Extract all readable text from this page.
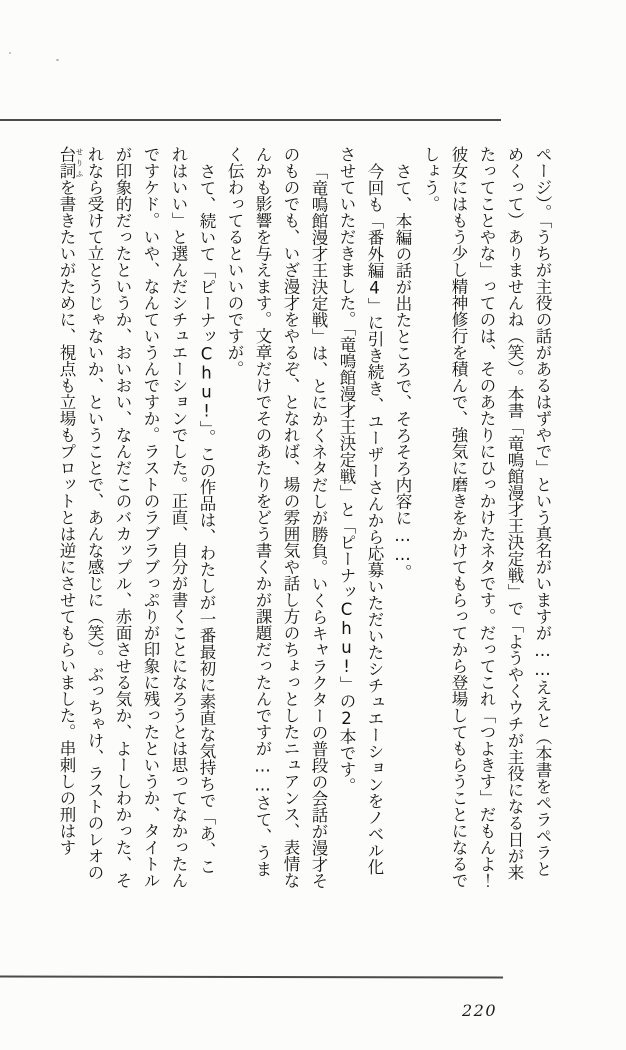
ページ）。「うちが主役の話があるはずやで」という真名がいますが……ええと（本書をペラペラとめくって）ありませんね（笑）。本書「竜鳴館漫才王決定戦」で「ようやくウチが主役になる日が来たってことやな」ってのは、そのあたりにひっかけたネタです。だってこれ「つよきす」だもんよ！彼女にはもう少し精神修行を積んで、強気に磨きをかけてもらってから登場してもらうことになるでしょう。

さて、本編の話が出たところで、そろそろ内容に……。

今回も「番外編4」に引き続き、ユーザーさんから応募いただいたシチュエーションをノベル化させていただきました。「竜鳴館漫才王決定戦」と「ピーナッChu!」の2本です。

「竜鳴館漫才王決定戦」は、とにかくネタだしが勝負。いくらキャラクターの普段の会話が漫才そのものでも、いざ漫才をやるぞ、となれば、場の雰囲気や話し方のちょっとしたニュアンス、表情なんかも影響を与えます。文章だけでそのあたりをどう書くかが課題だったんですが……さて、うまく伝わってるといいのですが。

さて、続いて「ピーナッChu!」。この作品は、わたしが一番最初に素直な気持ちで「あ、これはいい」と選んだシチュエーションでした。正直、自分が書くことになろうとは思ってなかったんですケド。いや、なんていうんですか。ラストのラブラブっぷりが印象に残ったというか、タイトルが印象的だったというか、おいおい、なんだこのバカップル、赤面させる気か、よーしわかった、それなら受けて立とうじゃないか、ということで、あんな感じに（笑）。ぶっちゃけ、ラストのレオの台詞 せりふを書きたいがために、視点も立場もプロットとは逆にさせてもらいました。串刺しの刑はす

220
